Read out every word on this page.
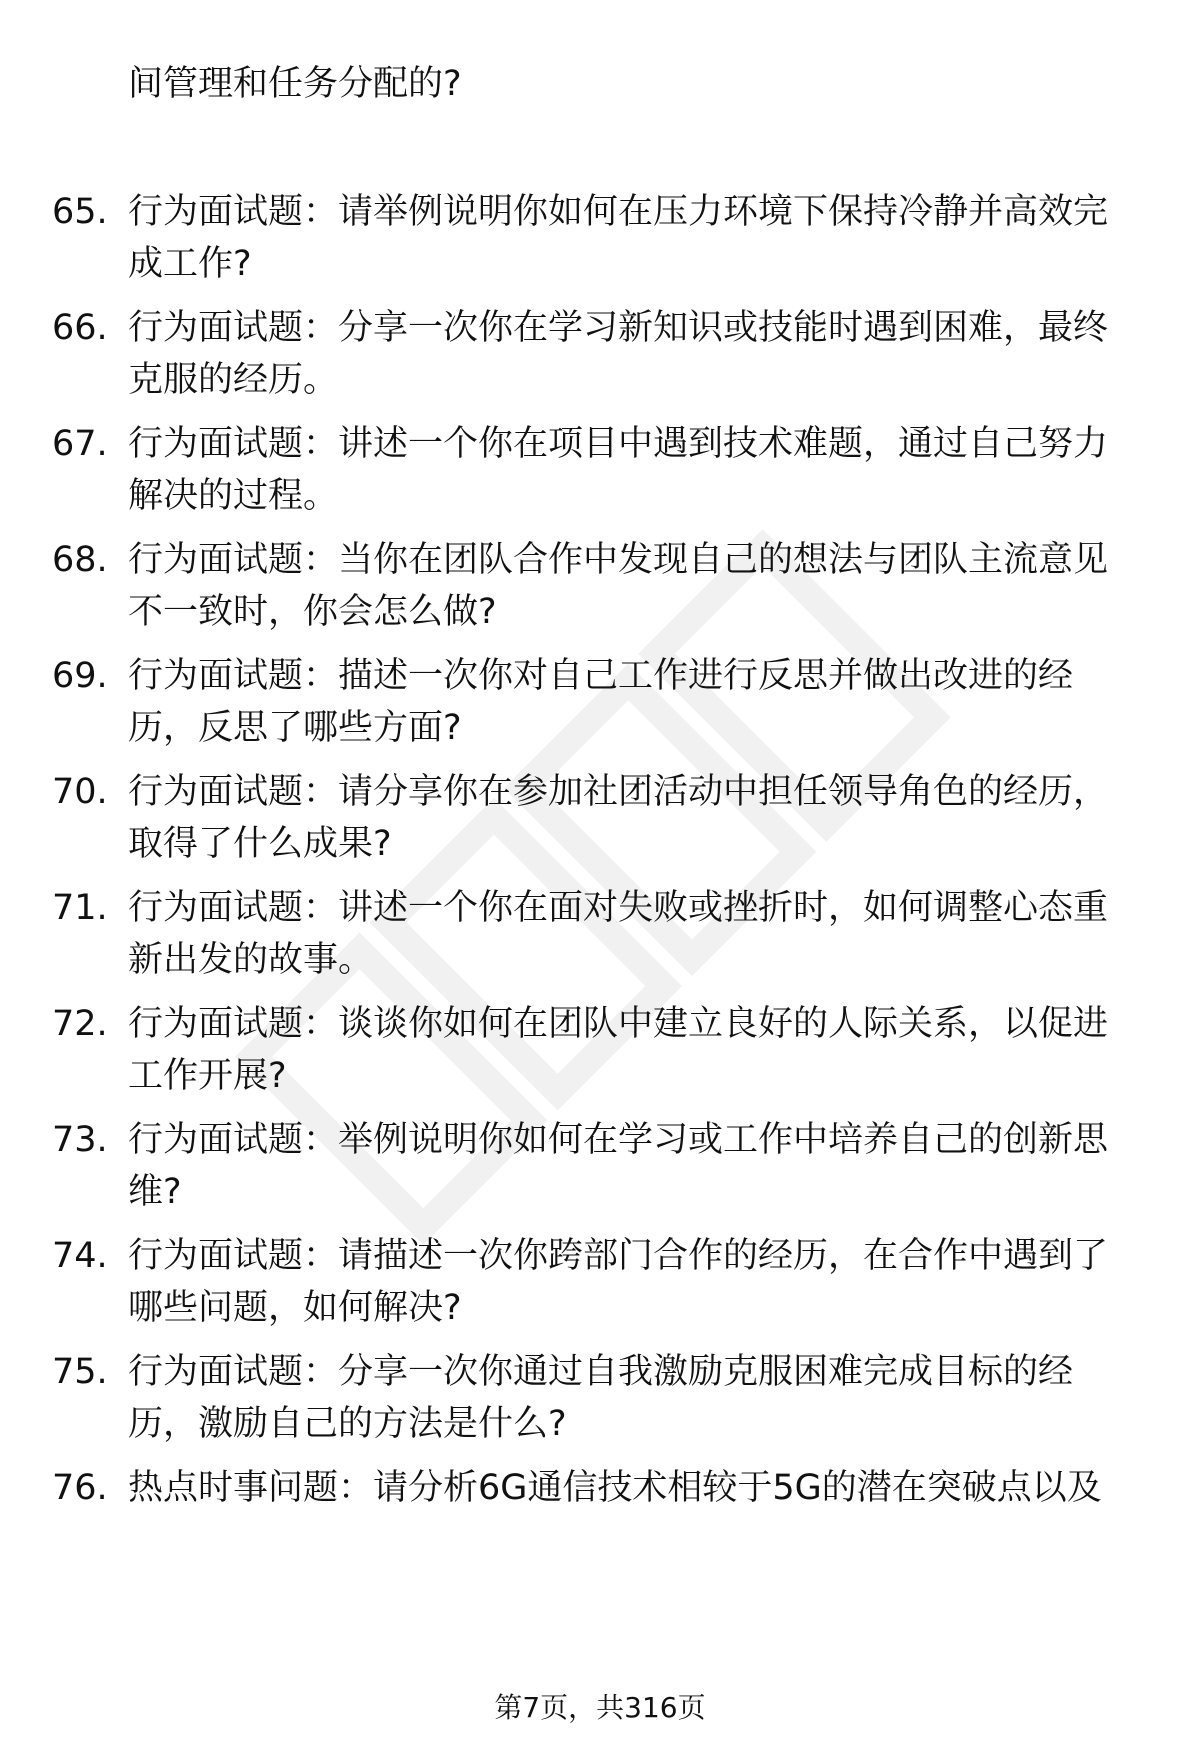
间管理和任务分配的?
65. 行为面试题：请举例说明你如何在压力环境下保持冷静并高效完成工作?
66. 行为面试题：分享一次你在学习新知识或技能时遇到困难，最终克服的经历。
67. 行为面试题：讲述一个你在项目中遇到技术难题，通过自己努力解决的过程。
68. 行为面试题：当你在团队合作中发现自己的想法与团队主流意见不一致时，你会怎么做?
69. 行为面试题：描述一次你对自己工作进行反思并做出改进的经历，反思了哪些方面?
70. 行为面试题：请分享你在参加社团活动中担任领导角色的经历，取得了什么成果?
71. 行为面试题：讲述一个你在面对失败或挫折时，如何调整心态重新出发的故事。
72. 行为面试题：谈谈你如何在团队中建立良好的人际关系，以促进工作开展?
73. 行为面试题：举例说明你如何在学习或工作中培养自己的创新思维?
74. 行为面试题：请描述一次你跨部门合作的经历，在合作中遇到了哪些问题，如何解决?
75. 行为面试题：分享一次你通过自我激励克服困难完成目标的经历，激励自己的方法是什么?
76. 热点时事问题：请分析6G通信技术相较于5G的潜在突破点以及
第7页，共316页
